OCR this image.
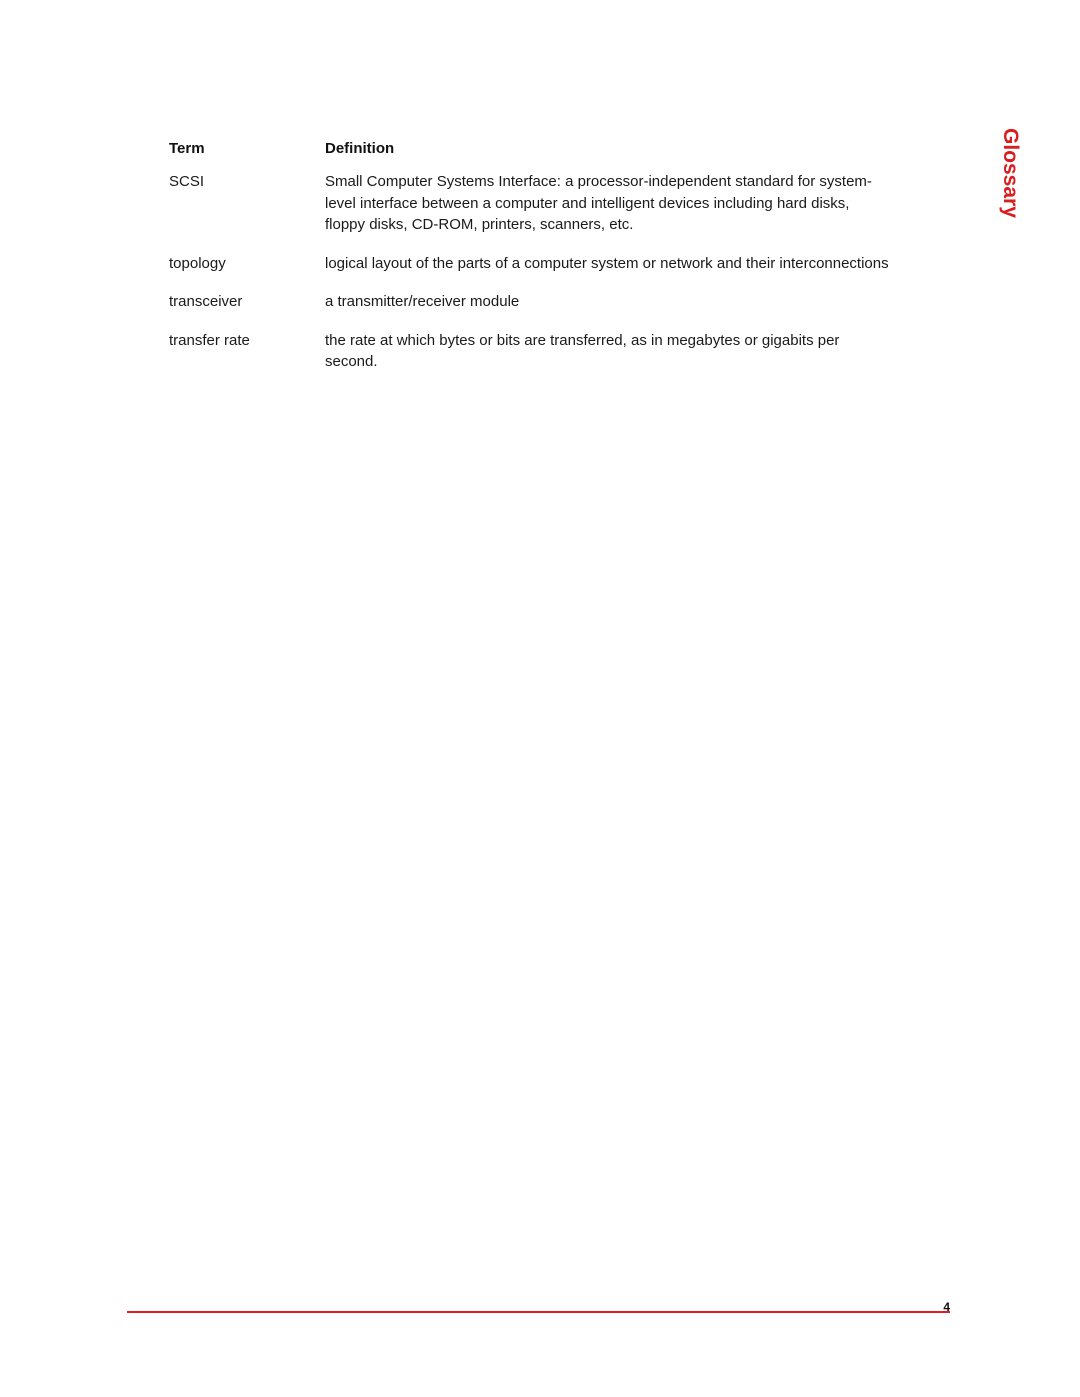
Glossary
Term	Definition
SCSI	Small Computer Systems Interface: a processor-independent standard for system-level interface between a computer and intelligent devices including hard disks, floppy disks, CD-ROM, printers, scanners, etc.
topology	logical layout of the parts of a computer system or network and their interconnections
transceiver	a transmitter/receiver module
transfer rate	the rate at which bytes or bits are transferred, as in megabytes or gigabits per second.
4
